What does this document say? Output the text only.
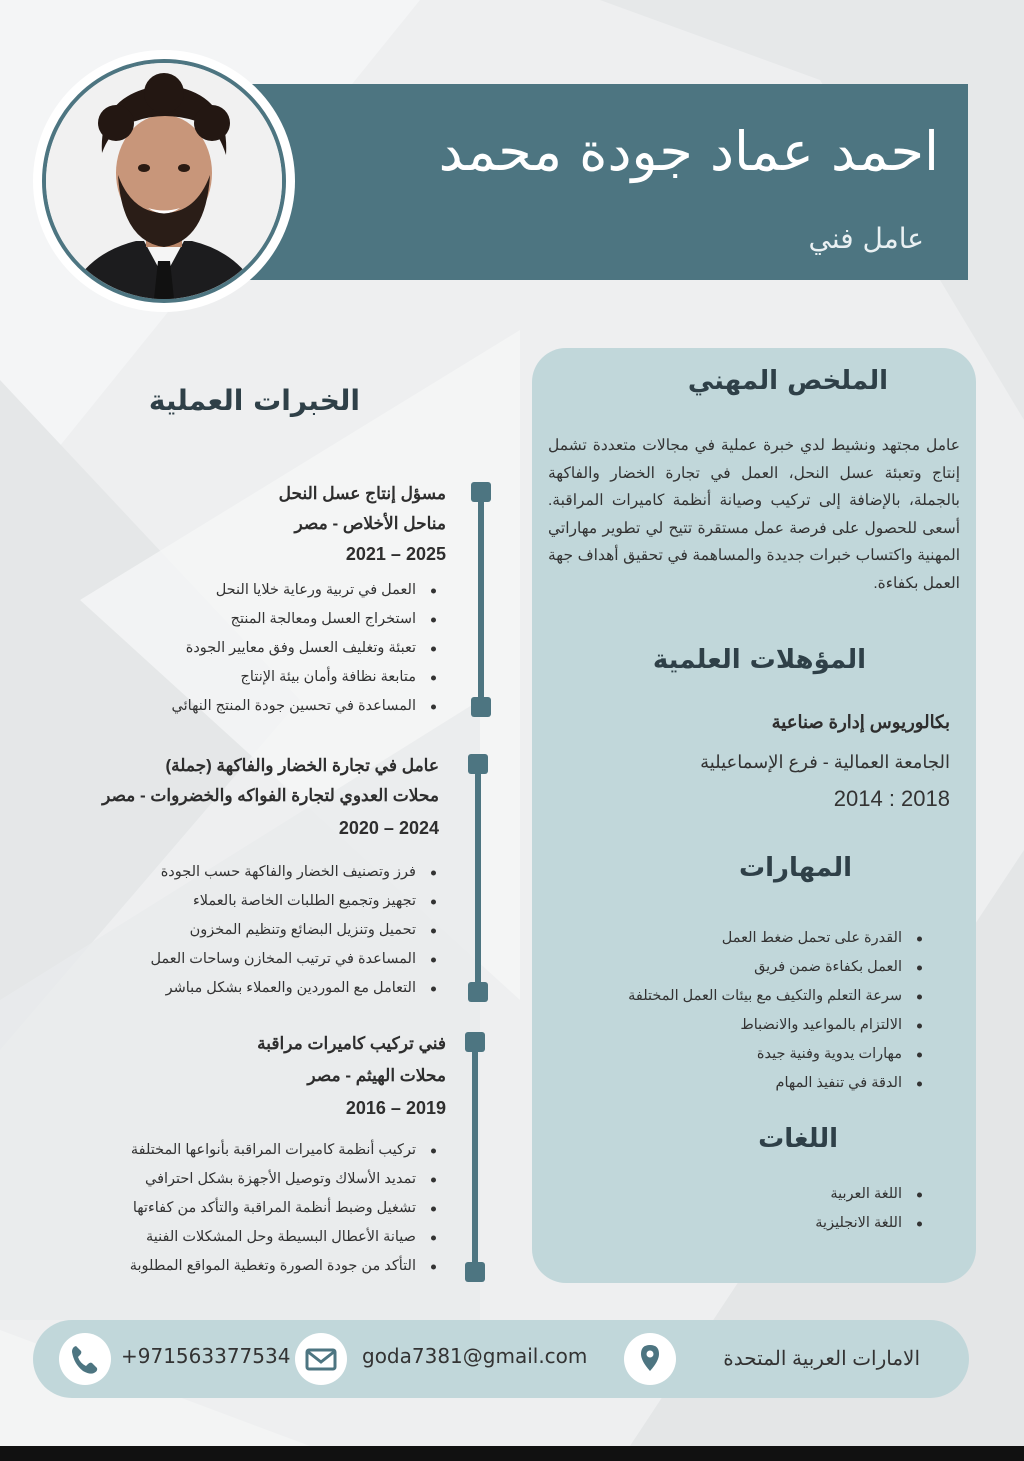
احمد عماد جودة محمد
عامل فني
الملخص المهني
عامل مجتهد ونشيط لدي خبرة عملية في مجالات متعددة تشمل إنتاج وتعبئة عسل النحل، العمل في تجارة الخضار والفاكهة بالجملة، بالإضافة إلى تركيب وصيانة أنظمة كاميرات المراقبة. أسعى للحصول على فرصة عمل مستقرة تتيح لي تطوير مهاراتي المهنية واكتساب خبرات جديدة والمساهمة في تحقيق أهداف جهة العمل بكفاءة.
المؤهلات العلمية
بكالوريوس إدارة صناعية
الجامعة العمالية - فرع الإسماعيلية
2014 : 2018
المهارات
القدرة على تحمل ضغط العمل
العمل بكفاءة ضمن فريق
سرعة التعلم والتكيف مع بيئات العمل المختلفة
الالتزام بالمواعيد والانضباط
مهارات يدوية وفنية جيدة
الدقة في تنفيذ المهام
اللغات
اللغة العربية
اللغة الانجليزية
الخبرات العملية
مسؤل إنتاج عسل النحل
مناحل الأخلاص - مصر
2021 – 2025
العمل في تربية ورعاية خلايا النحل
استخراج العسل ومعالجة المنتج
تعبئة وتغليف العسل وفق معايير الجودة
متابعة نظافة وأمان بيئة الإنتاج
المساعدة في تحسين جودة المنتج النهائي
عامل في تجارة الخضار والفاكهة (جملة)
محلات العدوي لتجارة الفواكه والخضروات - مصر
2020 – 2024
فرز وتصنيف الخضار والفاكهة حسب الجودة
تجهيز وتجميع الطلبات الخاصة بالعملاء
تحميل وتنزيل البضائع وتنظيم المخزون
المساعدة في ترتيب المخازن وساحات العمل
التعامل مع الموردين والعملاء بشكل مباشر
فني تركيب كاميرات مراقبة
محلات الهيثم - مصر
2016 – 2019
تركيب أنظمة كاميرات المراقبة بأنواعها المختلفة
تمديد الأسلاك وتوصيل الأجهزة بشكل احترافي
تشغيل وضبط أنظمة المراقبة والتأكد من كفاءتها
صيانة الأعطال البسيطة وحل المشكلات الفنية
التأكد من جودة الصورة وتغطية المواقع المطلوبة
+971563377534	goda7381@gmail.com	الامارات العربية المتحدة
